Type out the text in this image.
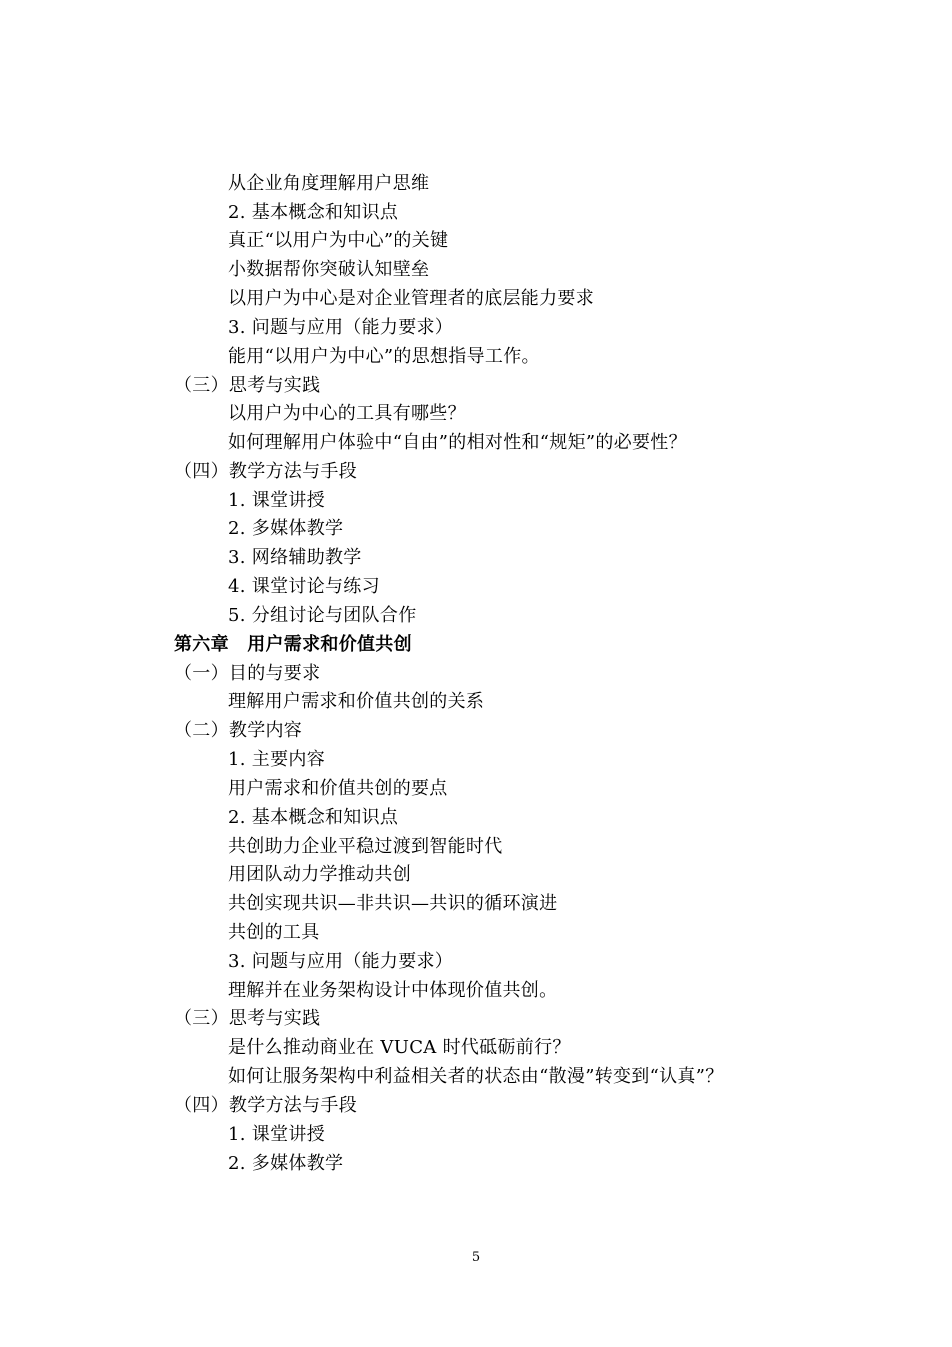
从企业角度理解用户思维
2. 基本概念和知识点
真正“以用户为中心”的关键
小数据帮你突破认知壁垒
以用户为中心是对企业管理者的底层能力要求
3. 问题与应用（能力要求）
能用“以用户为中心”的思想指导工作。
（三）思考与实践
以用户为中心的工具有哪些？
如何理解用户体验中“自由”的相对性和“规矩”的必要性？
（四）教学方法与手段
1. 课堂讲授
2. 多媒体教学
3. 网络辅助教学
4. 课堂讨论与练习
5. 分组讨论与团队合作
第六章　用户需求和价值共创
（一）目的与要求
理解用户需求和价值共创的关系
（二）教学内容
1. 主要内容
用户需求和价值共创的要点
2. 基本概念和知识点
共创助力企业平稳过渡到智能时代
用团队动力学推动共创
共创实现共识—非共识—共识的循环演进
共创的工具
3. 问题与应用（能力要求）
理解并在业务架构设计中体现价值共创。
（三）思考与实践
是什么推动商业在 VUCA 时代砥砺前行？
如何让服务架构中利益相关者的状态由“散漫”转变到“认真”？
（四）教学方法与手段
1. 课堂讲授
2. 多媒体教学
5
